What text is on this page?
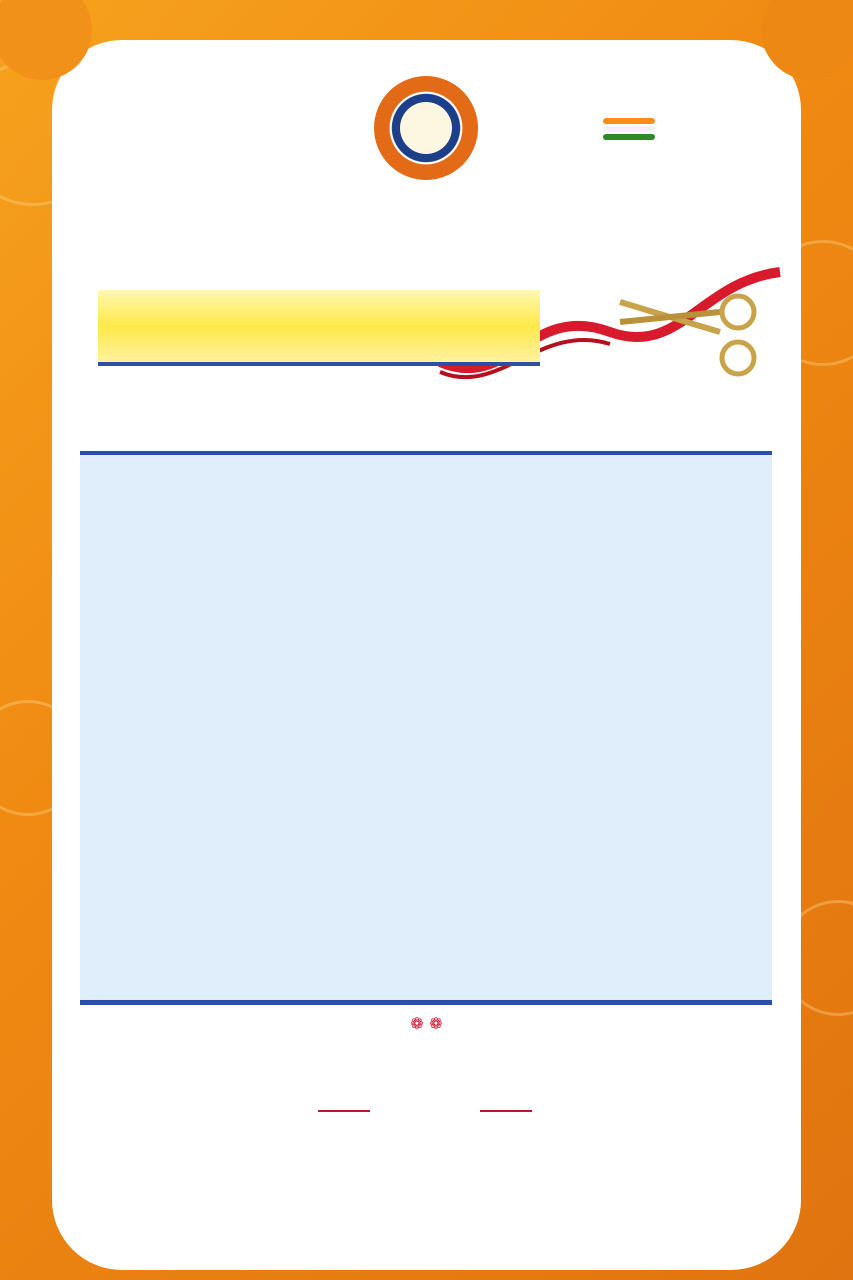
❁ ❁
